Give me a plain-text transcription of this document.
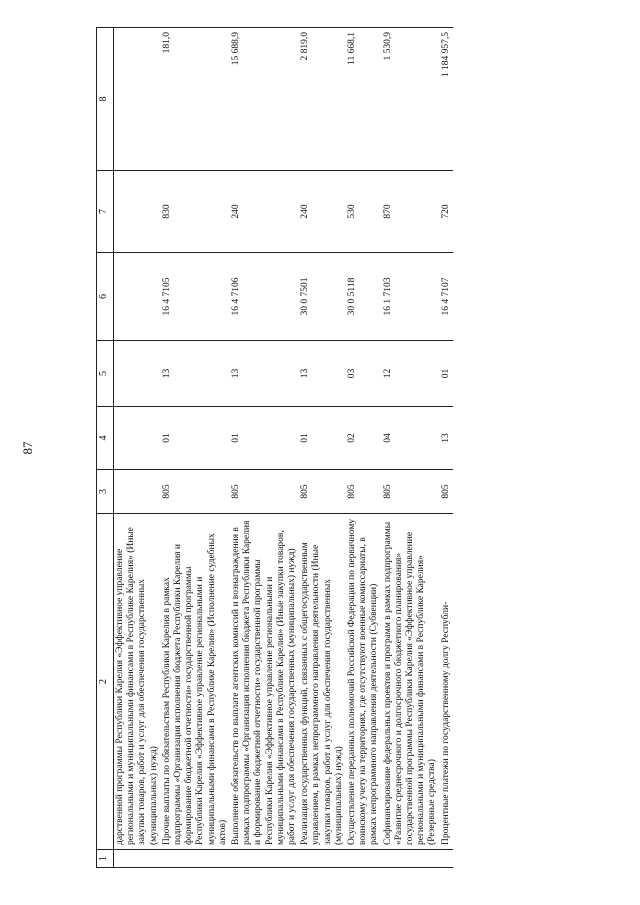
87
1	2	3	4	5	6	7	8
	дарственной программы Республики Карелия «Эффективное управление региональными и муниципальными финансами в Республике Карелия» (Иные закупки товаров, работ и услуг для обеспечения государственных (муниципальных) нужд)						
	Прочие выплаты по обязательствам Республики Карелия в рамках подпрограммы «Организация исполнения бюджета Республики Карелия и формирование бюджетной отчетности» государственной программы Республики Карелия «Эффективное управление региональными и муниципальными финансами в Республике Карелия» (Исполнение судебных актов)	805	01	13	16 4 7105	830	181,0
	Выполнение обязательств по выплате агентских комиссий и вознаграждения в рамках подпрограммы «Организация исполнения бюджета Республики Карелия и формирование бюджетной отчетности» государственной программы Республики Карелия «Эффективное управление региональными и муниципальными финансами в Республике Карелия» (Иные закупки товаров, работ и услуг для обеспечения государственных (муниципальных) нужд)	805	01	13	16 4 7106	240	15 688,9
	Реализация государственных функций, связанных с общегосударственным управлением, в рамках непрограммного направления деятельности (Иные закупки товаров, работ и услуг для обеспечения государственных (муниципальных) нужд)	805	01	13	30 0 7501	240	2 819,0
	Осуществление переданных полномочий Российской Федерации по первичному воинскому учету на территориях, где отсутствуют военные комиссариаты, в рамках непрограммного направления деятельности (Субвенции)	805	02	03	30 0 5118	530	11 668,1
	Софинансирование федеральных проектов и программ в рамках подпрограммы «Развитие среднесрочного и долгосрочного бюджетного планирования» государственной программы Республики Карелия «Эффективное управление региональными и муниципальными финансами в Республике Карелия» (Резервные средства)	805	04	12	16 1 7103	870	1 530,9
	Процентные платежи по государственному долгу Республи-	805	13	01	16 4 7107	720	1 184 957,5
